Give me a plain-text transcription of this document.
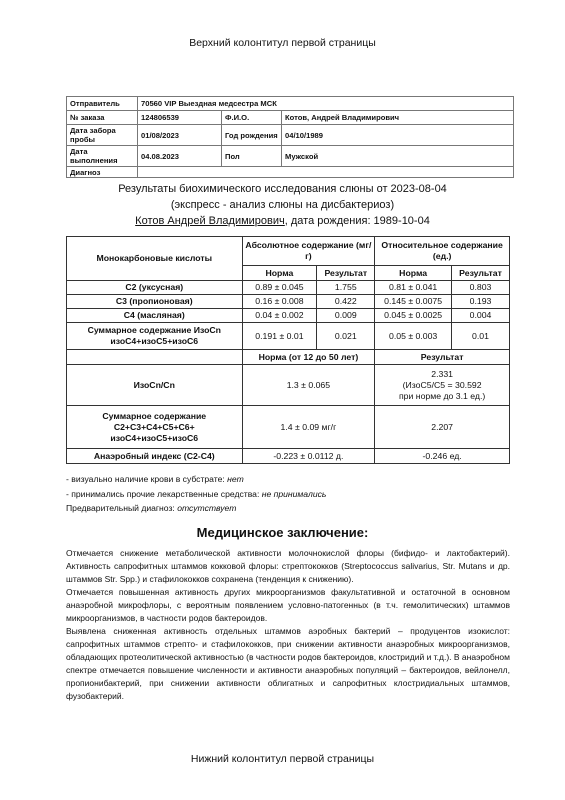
Верхний колонтитул первой страницы
Отправитель	70560 VIP Выездная медсестра МСК		
№ заказа	124806539	Ф.И.О.	Котов, Андрей Владимирович
Дата забора пробы	01/08/2023	Год рождения	04/10/1989
Дата выполнения	04.08.2023	Пол	Мужской
Диагноз			
Результаты биохимического исследования слюны от 2023-08-04
(экспресс - анализ слюны на дисбактериоз)
Котов Андрей Владимирович, дата рождения: 1989-10-04
Монокарбоновые кислоты	Абсолютное содержание (мг/г)		Относительное содержание (ед.)	
	Норма	Результат	Норма	Результат
С2 (уксусная)	0.89 ± 0.045	1.755	0.81 ± 0.041	0.803
С3 (пропионовая)	0.16 ± 0.008	0.422	0.145 ± 0.0075	0.193
С4 (масляная)	0.04 ± 0.002	0.009	0.045 ± 0.0025	0.004
Суммарное содержание ИзоСn изоС4+изоС5+изоС6	0.191 ± 0.01	0.021	0.05 ± 0.003	0.01
	Норма (от 12 до 50 лет)		Результат	
ИзоСn/Cn	1.3 ± 0.065		2.331
(ИзоС5/С5 = 30.592
при норме до 3.1 ед.)	

Суммарное содержание
С2+С3+С4+С5+С6+
изоС4+изоС5+изоС6	1.4 ± 0.09 мг/г		2.207	
Анаэробный индекс (С2-С4)	-0.223 ± 0.0112 д.		-0.246 ед.	
- визуально наличие крови в субстрате: нет
- принимались прочие лекарственные средства: не принимались
Предварительный диагноз: отсутствует
Медицинское заключение:

Отмечается снижение метаболической активности молочнокислой флоры (бифидо- и лактобактерий). Активность сапрофитных штаммов кокковой флоры: стрептококков (Streptococcus salivarius, Str. Mutans и др. штаммов Str. Spp.) и стафилококков сохранена (тенденция к снижению).

Отмечается повышенная активность других микроорганизмов факультативной и остаточной в основном анаэробной микрофлоры, с вероятным появлением условно-патогенных (в т.ч. гемолитических) штаммов микроорганизмов, в частности родов бактероидов.

Выявлена сниженная активность отдельных штаммов аэробных бактерий – продуцентов изокислот: сапрофитных штаммов стрепто- и стафилококков, при снижении активности анаэробных микроорганизмов, обладающих протеолитической активностью (в частности родов бактероидов, клостридий и т.д.). В анаэробном спектре отмечается повышение численности и активности анаэробных популяций – бактероидов, вейлонелл, пропионибактерий, при снижении активности облигатных и сапрофитных клостридиальных штаммов, фузобактерий.

Нижний колонтитул первой страницы
